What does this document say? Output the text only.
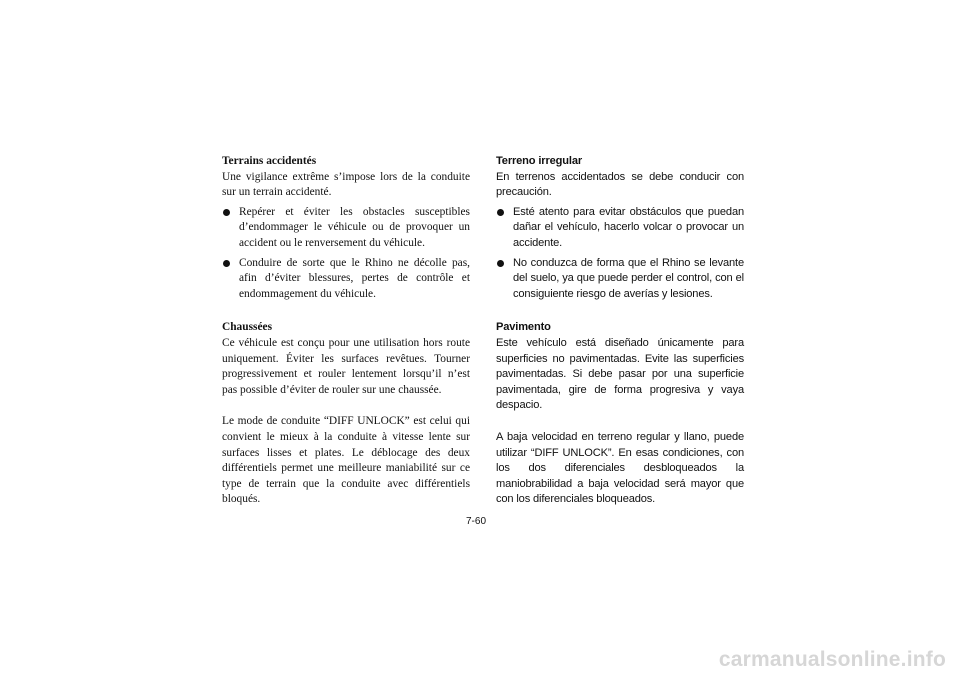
Terrains accidentés

Une vigilance extrême s’impose lors de la conduite sur un terrain accidenté.

Repérer et éviter les obstacles susceptibles d’endommager le véhicule ou de provoquer un accident ou le renversement du véhicule.
Conduire de sorte que le Rhino ne décolle pas, afin d’éviter blessures, pertes de contrôle et endommagement du véhicule.

Chaussées

Ce véhicule est conçu pour une utilisation hors route uniquement. Éviter les surfaces revêtues. Tourner progressivement et rouler lentement lorsqu’il n’est pas possible d’éviter de rouler sur une chaussée.

Le mode de conduite “DIFF UNLOCK” est celui qui convient le mieux à la conduite à vitesse lente sur surfaces lisses et plates. Le déblocage des deux différentiels permet une meilleure maniabilité sur ce type de terrain que la conduite avec différentiels bloqués.

Terreno irregular

En terrenos accidentados se debe conducir con precaución.

Esté atento para evitar obstáculos que puedan dañar el vehículo, hacerlo volcar o provocar un accidente.
No conduzca de forma que el Rhino se levante del suelo, ya que puede perder el control, con el consiguiente riesgo de averías y lesiones.

Pavimento

Este vehículo está diseñado únicamente para superficies no pavimentadas. Evite las superficies pavimentadas. Si debe pasar por una superficie pavimentada, gire de forma progresiva y vaya despacio.

A baja velocidad en terreno regular y llano, puede utilizar “DIFF UNLOCK”. En esas condiciones, con los dos diferenciales desbloqueados la maniobrabilidad a baja velocidad será mayor que con los diferenciales bloqueados.

7-60
carmanualsonline.info
